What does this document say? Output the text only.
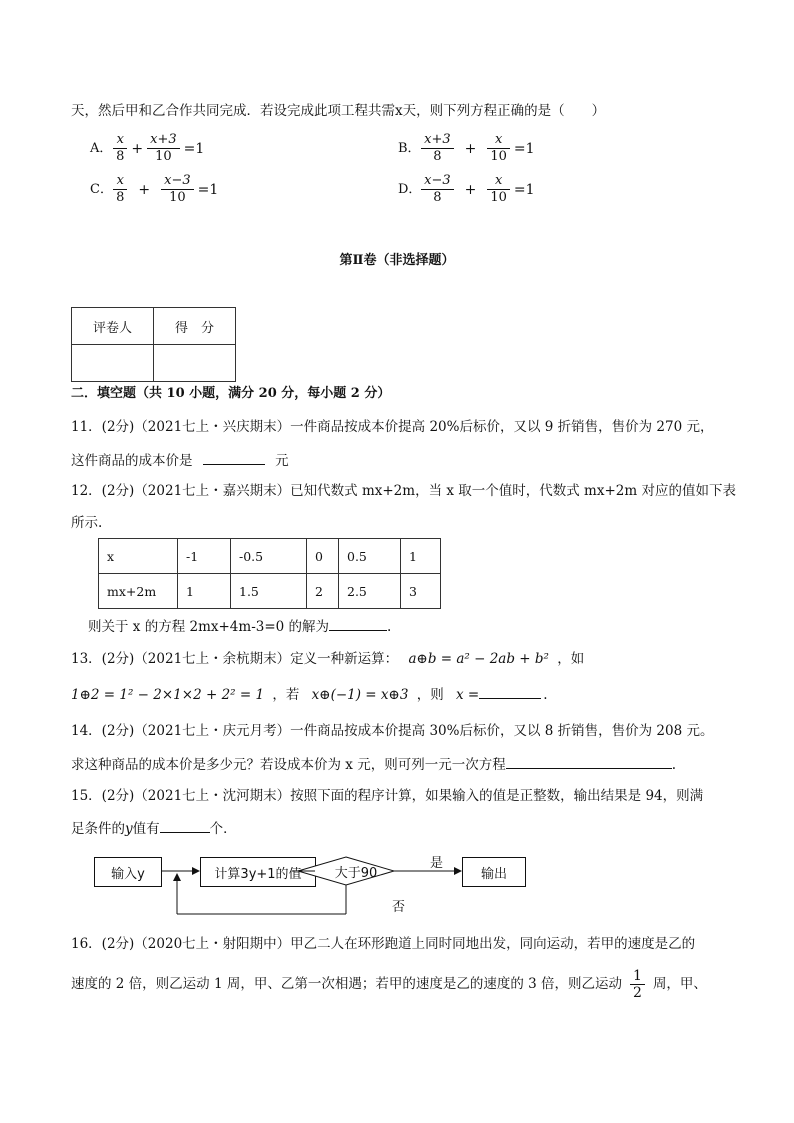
天，然后甲和乙合作共同完成．若设完成此项工程共需x天，则下列方程正确的是（　　）
A． $\frac{x}{8} + \frac{x+3}{10} =1$	B． $\frac{x+3}{8} + \frac{x}{10} =1$
C． $\frac{x}{8} + \frac{x-3}{10} =1$	D． $\frac{x-3}{8} + \frac{x}{10} =1$
第Ⅱ卷（非选择题）
评卷人	得　分

二．填空题（共 10 小题，满分 20 分，每小题 2 分）
11．(2分)（2021七上・兴庆期末）一件商品按成本价提高 20%后标价，又以 9 折销售，售价为 270 元，
这件商品的成本价是	元
12．(2分)（2021七上・嘉兴期末）已知代数式 mx+2m，当 x 取一个值时，代数式 mx+2m 对应的值如下表
所示.
x	-1	-0.5	0	0.5	1
mx+2m	1	1.5	2	2.5	3
则关于 x 的方程 2mx+4m-3=0 的解为	.
13．(2分)（2021七上・余杭期末）定义一种新运算： a⊕b = a² − 2ab + b² ，如
1⊕2 = 1² − 2×1×2 + 2² = 1 ，若 x⊕(−1) = x⊕3 ，则 x =	.
14．(2分)（2021七上・庆元月考）一件商品按成本价提高 30%后标价，又以 8 折销售，售价为 208 元。
求这种商品的成本价是多少元？若设成本价为 x 元，则可列一元一次方程	.
15．(2分)（2021七上・沈河期末）按照下面的程序计算，如果输入的值是正整数，输出结果是 94，则满
足条件的y值有	个．
输入y	计算3y+1的值	输出
大于90
是
否
16．(2分)（2020七上・射阳期中）甲乙二人在环形跑道上同时同地出发，同向运动，若甲的速度是乙的
速度的 2 倍，则乙运动 1 周，甲、乙第一次相遇；若甲的速度是乙的速度的 3 倍，则乙运动 $\frac{1}{2}$ 周，甲、
